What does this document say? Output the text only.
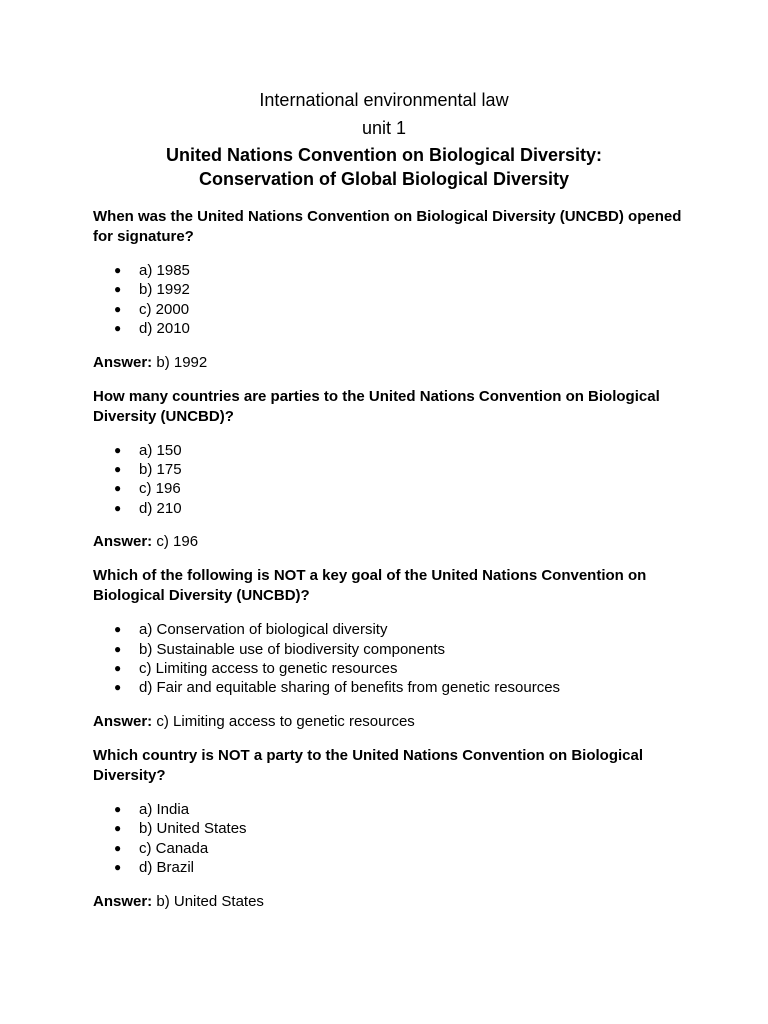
International environmental law
unit 1
United Nations Convention on Biological Diversity:
Conservation of Global Biological Diversity

When was the United Nations Convention on Biological Diversity (UNCBD) opened for signature?

● a) 1985
● b) 1992
● c) 2000
● d) 2010

Answer: b) 1992

How many countries are parties to the United Nations Convention on Biological Diversity (UNCBD)?

● a) 150
● b) 175
● c) 196
● d) 210

Answer: c) 196

Which of the following is NOT a key goal of the United Nations Convention on Biological Diversity (UNCBD)?

● a) Conservation of biological diversity
● b) Sustainable use of biodiversity components
● c) Limiting access to genetic resources
● d) Fair and equitable sharing of benefits from genetic resources

Answer: c) Limiting access to genetic resources

Which country is NOT a party to the United Nations Convention on Biological Diversity?

● a) India
● b) United States
● c) Canada
● d) Brazil

Answer: b) United States
